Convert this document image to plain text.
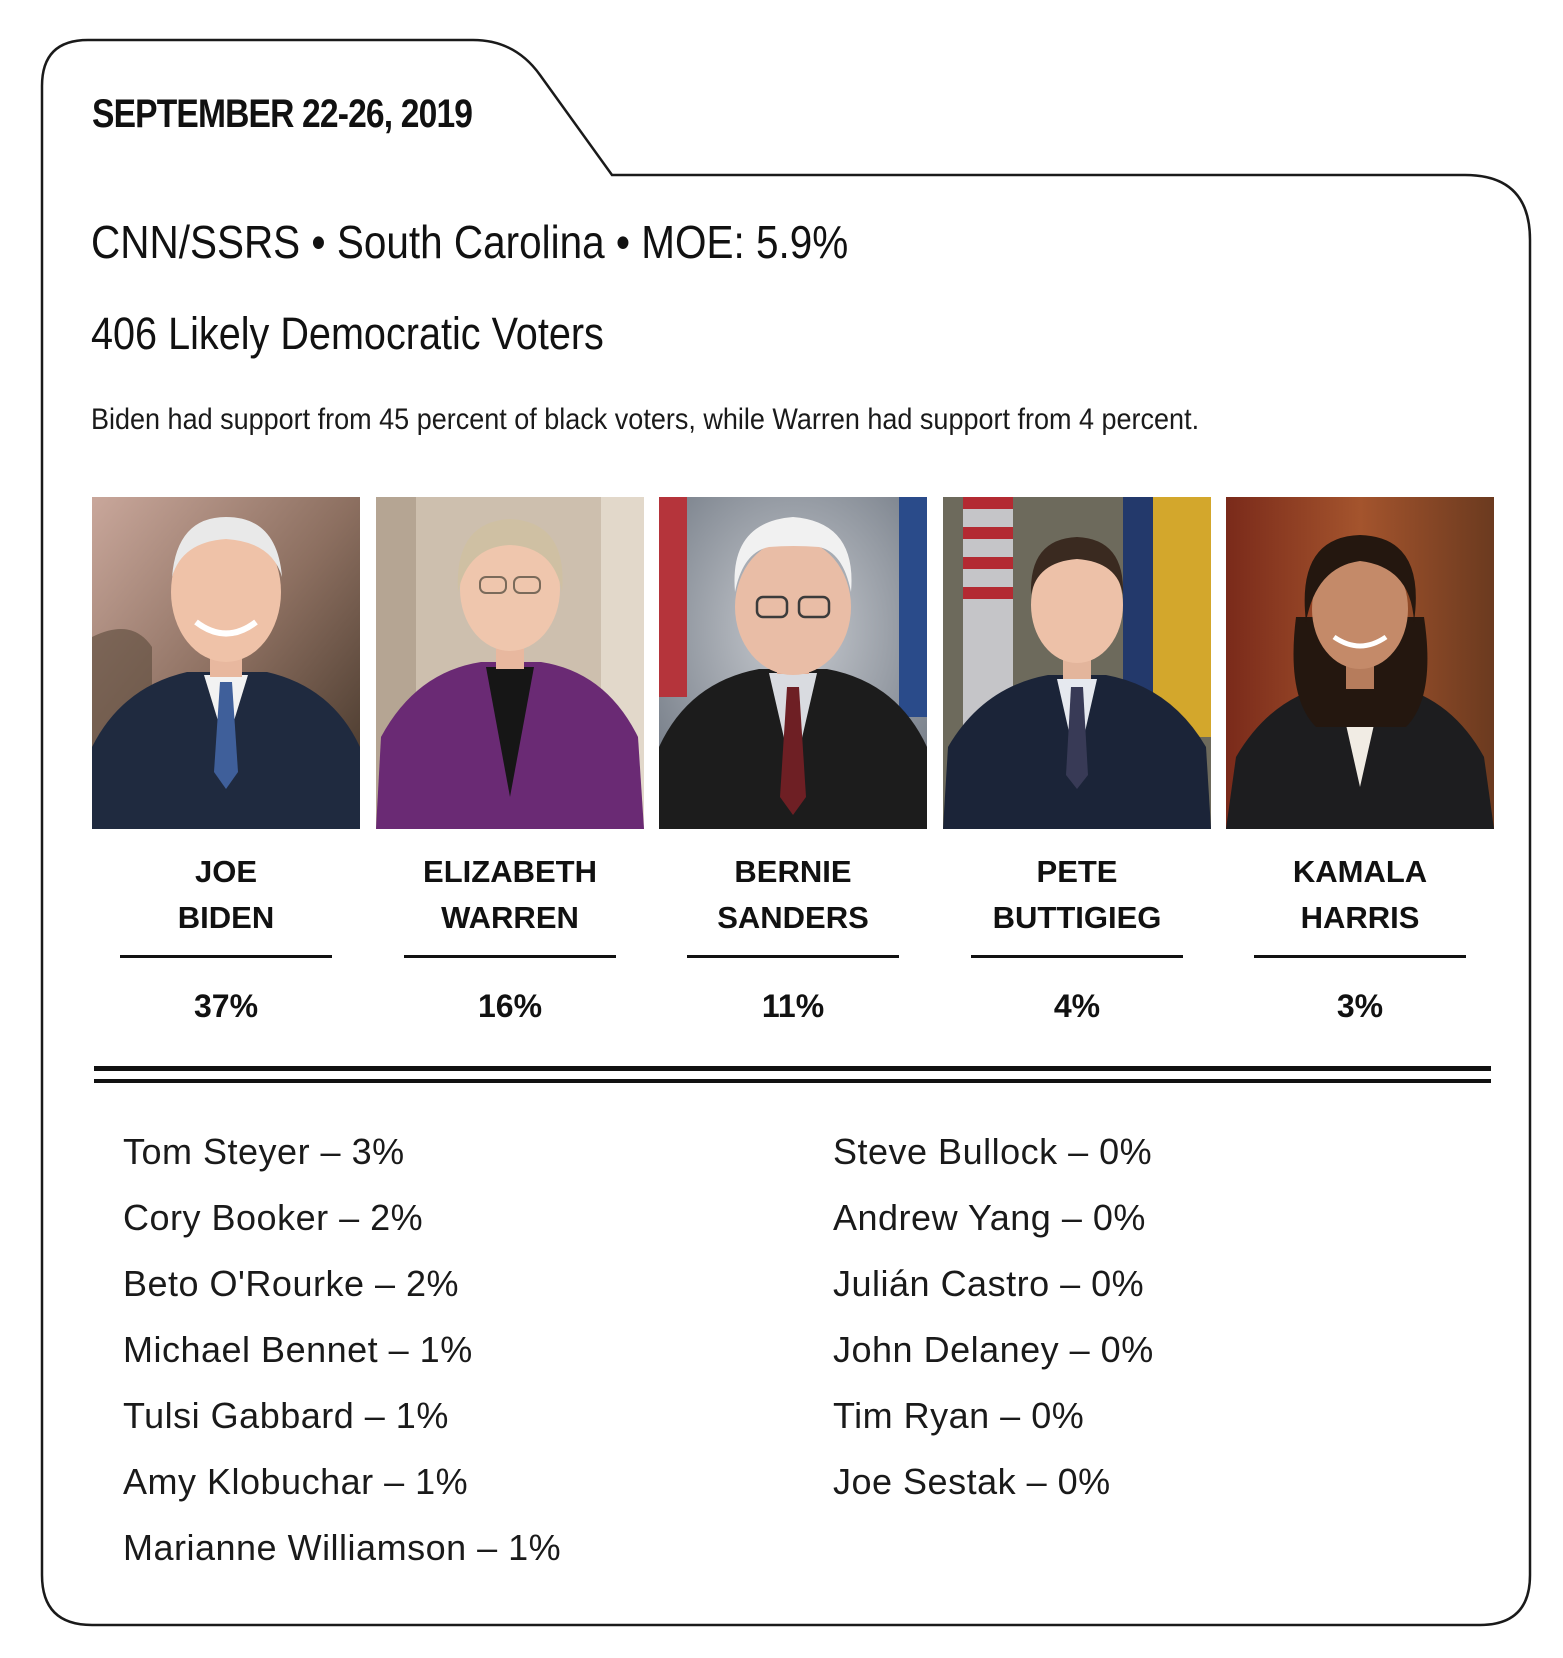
SEPTEMBER 22-26, 2019
CNN/SSRS • South Carolina • MOE: 5.9%
406 Likely Democratic Voters

Biden had support from 45 percent of black voters, while Warren had support from 4 percent.

JOE
BIDEN
37%
ELIZABETH
WARREN
16%
BERNIE
SANDERS
11%
PETE
BUTTIGIEG
4%
KAMALA
HARRIS
3%
Tom Steyer – 3%
Cory Booker – 2%
Beto O'Rourke – 2%
Michael Bennet – 1%
Tulsi Gabbard – 1%
Amy Klobuchar – 1%
Marianne Williamson – 1%
Steve Bullock – 0%
Andrew Yang – 0%
Julián Castro – 0%
John Delaney – 0%
Tim Ryan – 0%
Joe Sestak – 0%
